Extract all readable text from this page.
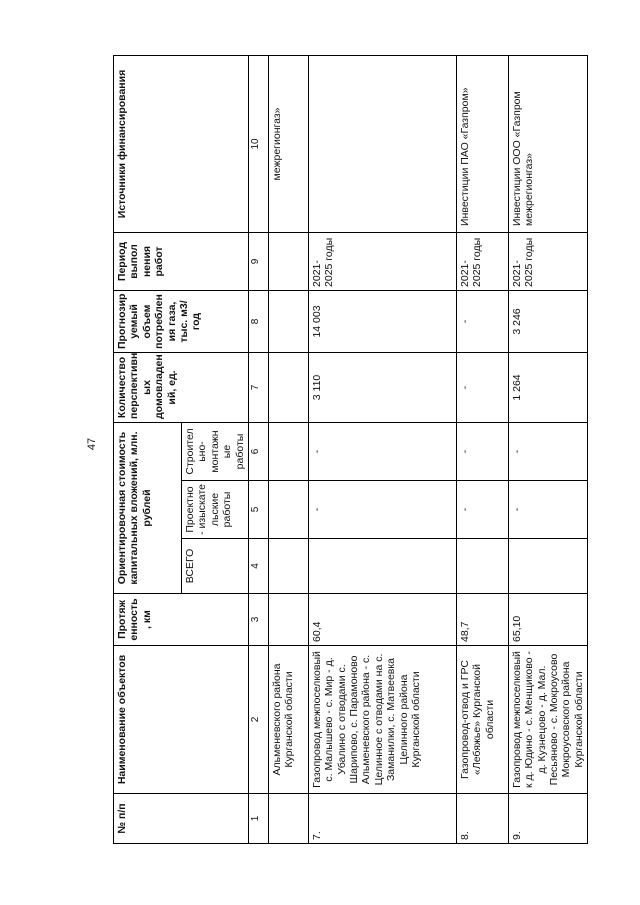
47
№ п/п	Наименование объектов	Протяж енность , км	Ориентировочная стоимость капитальных вложений, млн. рублей			Количество перспективн ых домовладен ий, ед.	Прогнозир уемый объем потреблен ия газа, тыс. м3/год	Период выпол нения работ	Источники финансирования
			ВСЕГО	Проектно - изыскате льские работы	Строител ьно- монтажн ые работы				
1	2	3	4	5	6	7	8	9	10
	Альменевского района Курганской области								межрегионгаз»
7.	Газопровод межпоселковый с. Малышево - с. Мир - д. Убалино с отводами с. Шарипово, с. Парамоново Альменевского района - с. Целинное с отводами на с. Заманилки, с. Матвеевка Целинного района Курганской области	60,4		-	-	3 110	14 003	2021- 2025 годы	
8.	Газопровод-отвод и ГРС «Лебяжье» Курганской области	48,7		-	-	-	-	2021- 2025 годы	Инвестиции ПАО «Газпром»
9.	Газопровод межпоселковый к д. Юдино - с. Менщиково - д. Кузнецово - д. Мал. Песьяново - с. Мокроусово Мокроусовского района Курганской области	65,10		-	-	1 264	3 246	2021- 2025 годы	Инвестиции ООО «Газпром межрегионгаз»
